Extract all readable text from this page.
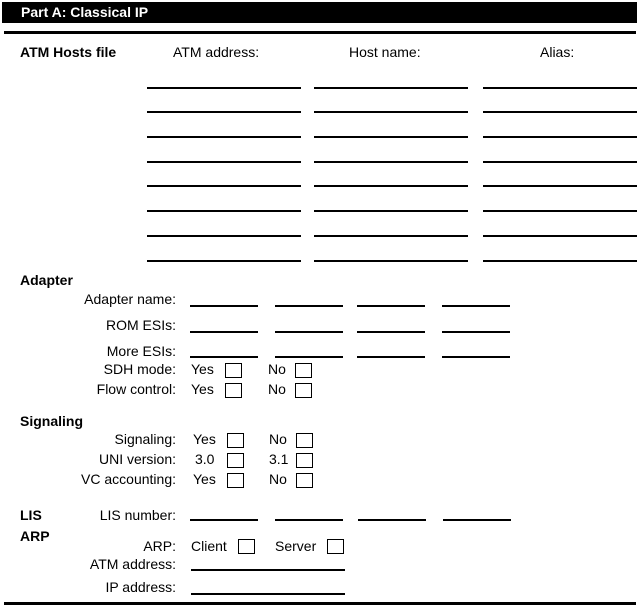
Part A: Classical IP
ATM Hosts file	ATM address:	Host name:	Alias:
Adapter
Adapter name:
ROM ESIs:
More ESIs:
SDH mode: Yes	No
Flow control: Yes	No
Signaling
Signaling: Yes	No
UNI version: 3.0	3.1
VC accounting: Yes	No
LIS	LIS number:
ARP
ARP: Client	Server
ATM address:
IP address:
